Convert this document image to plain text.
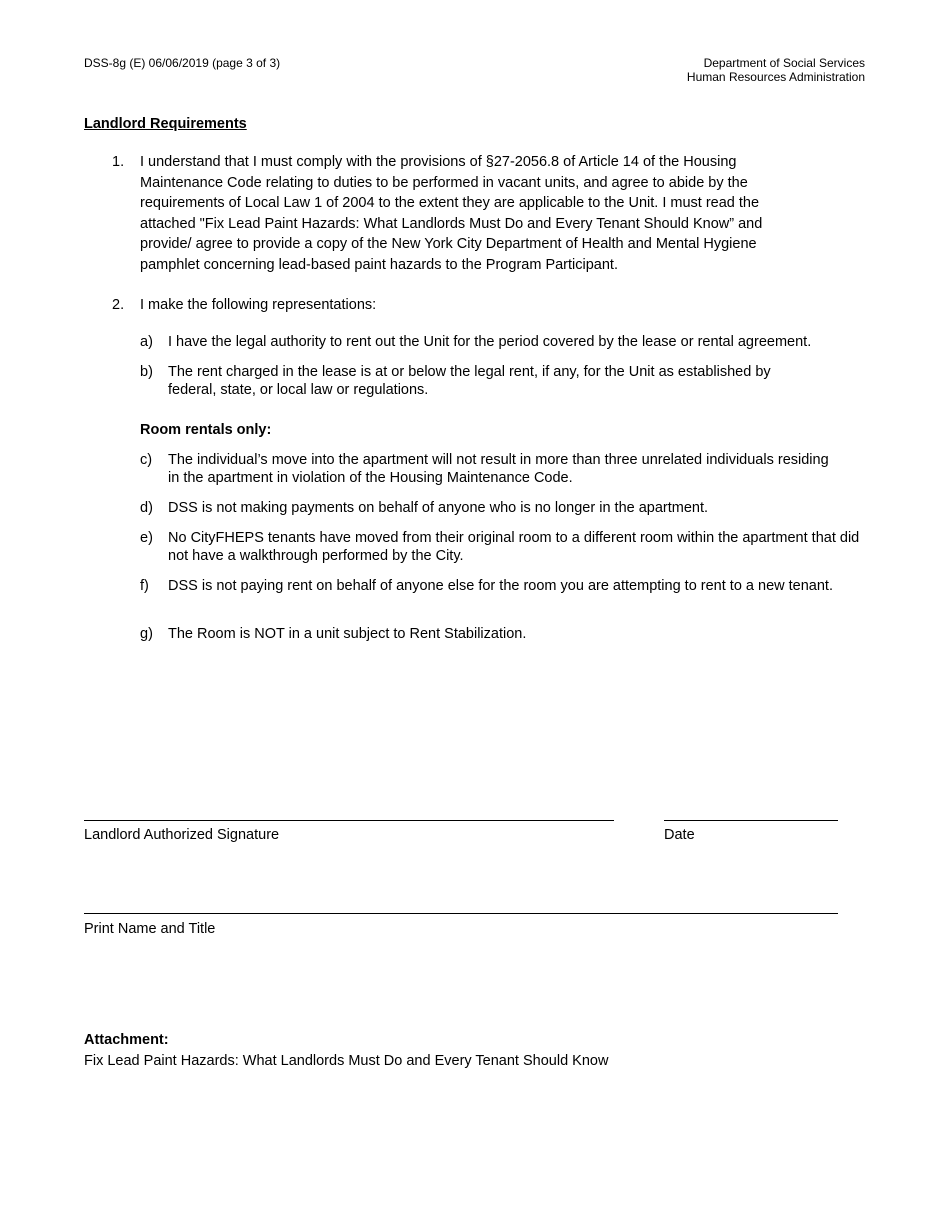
DSS-8g (E) 06/06/2019 (page 3 of 3)	Department of Social Services
Human Resources Administration
Landlord Requirements
1.	I understand that I must comply with the provisions of §27-2056.8 of Article 14 of the Housing Maintenance Code relating to duties to be performed in vacant units, and agree to abide by the requirements of Local Law 1 of 2004 to the extent they are applicable to the Unit. I must read the attached "Fix Lead Paint Hazards: What Landlords Must Do and Every Tenant Should Know” and provide/ agree to provide a copy of the New York City Department of Health and Mental Hygiene pamphlet concerning lead-based paint hazards to the Program Participant.
2.	I make the following representations:
a)	I have the legal authority to rent out the Unit for the period covered by the lease or rental agreement.
b)	The rent charged in the lease is at or below the legal rent, if any, for the Unit as established by federal, state, or local law or regulations.
Room rentals only:
c)	The individual’s move into the apartment will not result in more than three unrelated individuals residing in the apartment in violation of the Housing Maintenance Code.
d)	DSS is not making payments on behalf of anyone who is no longer in the apartment.
e)	No CityFHEPS tenants have moved from their original room to a different room within the apartment that did not have a walkthrough performed by the City.
f)	DSS is not paying rent on behalf of anyone else for the room you are attempting to rent to a new tenant.
g)	The Room is NOT in a unit subject to Rent Stabilization.
Landlord Authorized Signature	Date
Print Name and Title
Attachment:
Fix Lead Paint Hazards: What Landlords Must Do and Every Tenant Should Know
